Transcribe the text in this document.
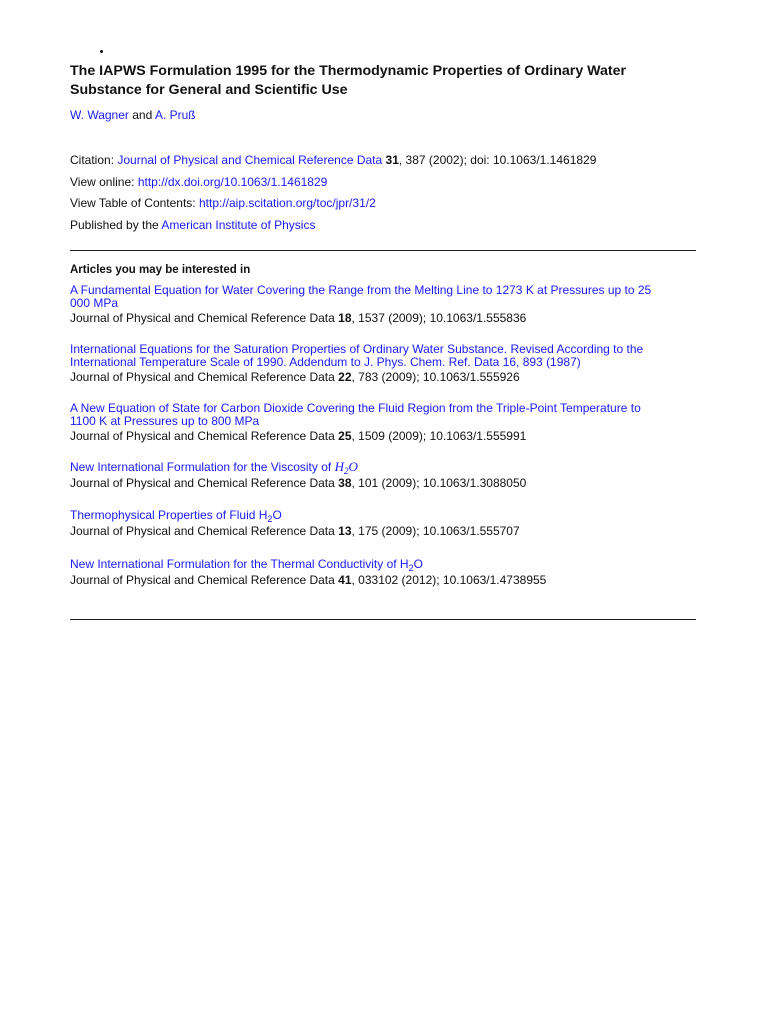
The IAPWS Formulation 1995 for the Thermodynamic Properties of Ordinary Water Substance for General and Scientific Use
W. Wagner and A. Pruß
Citation: Journal of Physical and Chemical Reference Data 31, 387 (2002); doi: 10.1063/1.1461829
View online: http://dx.doi.org/10.1063/1.1461829
View Table of Contents: http://aip.scitation.org/toc/jpr/31/2
Published by the American Institute of Physics
Articles you may be interested in
A Fundamental Equation for Water Covering the Range from the Melting Line to 1273 K at Pressures up to 25
000 MPa
Journal of Physical and Chemical Reference Data 18, 1537 (2009); 10.1063/1.555836
International Equations for the Saturation Properties of Ordinary Water Substance. Revised According to the
International Temperature Scale of 1990. Addendum to J. Phys. Chem. Ref. Data 16, 893 (1987)
Journal of Physical and Chemical Reference Data 22, 783 (2009); 10.1063/1.555926
A New Equation of State for Carbon Dioxide Covering the Fluid Region from the Triple-Point Temperature to
1100 K at Pressures up to 800 MPa
Journal of Physical and Chemical Reference Data 25, 1509 (2009); 10.1063/1.555991
New International Formulation for the Viscosity of $H_2O$
Journal of Physical and Chemical Reference Data 38, 101 (2009); 10.1063/1.3088050
Thermophysical Properties of Fluid $H_2O$
Journal of Physical and Chemical Reference Data 13, 175 (2009); 10.1063/1.555707
New International Formulation for the Thermal Conductivity of $H_2O$
Journal of Physical and Chemical Reference Data 41, 033102 (2012); 10.1063/1.4738955
